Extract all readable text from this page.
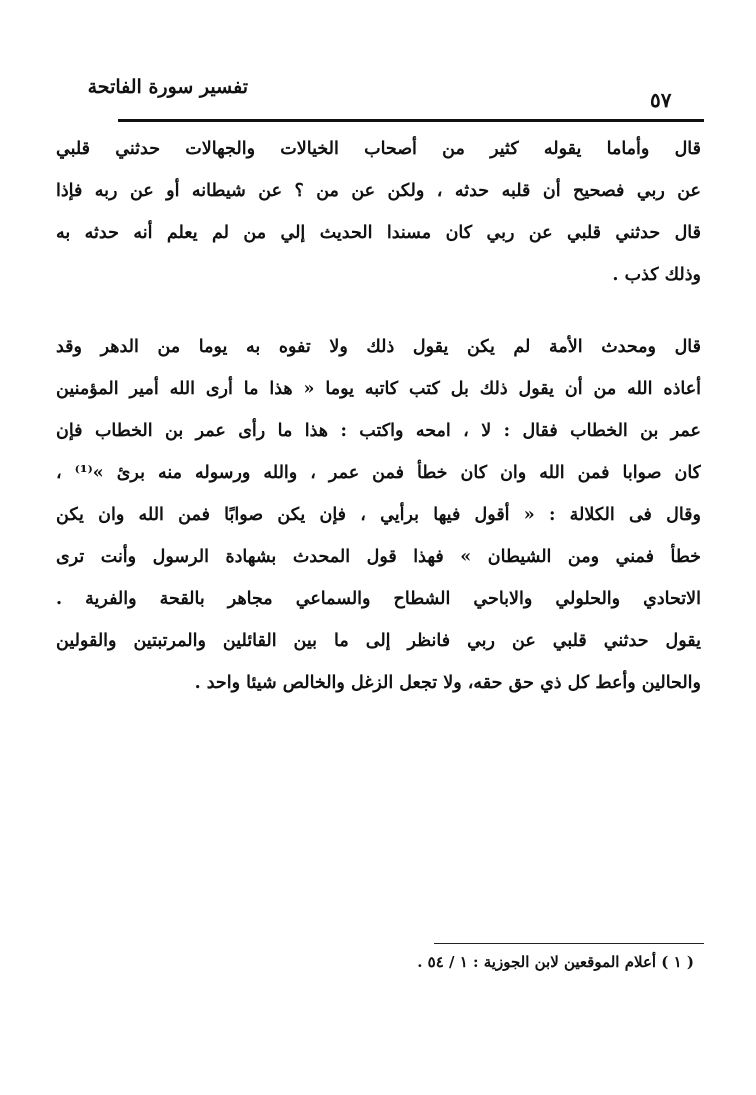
٥٧
تفسير سورة الفاتحة
قال وأماما يقوله كثير من أصحاب الخيالات والجهالات حدثني قلبي
عن ربي فصحيح أن قلبه حدثه ، ولكن عن من ؟ عن شيطانه أو عن ربه فإذا
قال حدثني قلبي عن ربي كان مسندا الحديث إلي من لم يعلم أنه حدثه به
وذلك كذب .
قال ومحدث الأمة لم يكن يقول ذلك ولا تفوه به يوما من الدهر وقد
أعاذه الله من أن يقول ذلك بل كتب كاتبه يوما « هذا ما أرى الله أمير المؤمنين
عمر بن الخطاب فقال : لا ، امحه واكتب : هذا ما رأى عمر بن الخطاب فإن
كان صوابا فمن الله وان كان خطأ فمن عمر ، والله ورسوله منه برئ »⁽¹⁾ ،
وقال فى الكلالة : « أقول فيها برأيي ، فإن يكن صوابًا فمن الله وان يكن
خطأ فمني ومن الشيطان » فهذا قول المحدث بشهادة الرسول وأنت ترى
الاتحادي والحلولي والاباحي الشطاح والسماعي مجاهر بالقحة والفرية .
يقول حدثني قلبي عن ربي فانظر إلى ما بين القائلين والمرتبتين والقولين
والحالين وأعط كل ذي حق حقه، ولا تجعل الزغل والخالص شيئا واحد .
( ١ ) أعلام الموقعين لابن الجوزية : ١ / ٥٤ .
